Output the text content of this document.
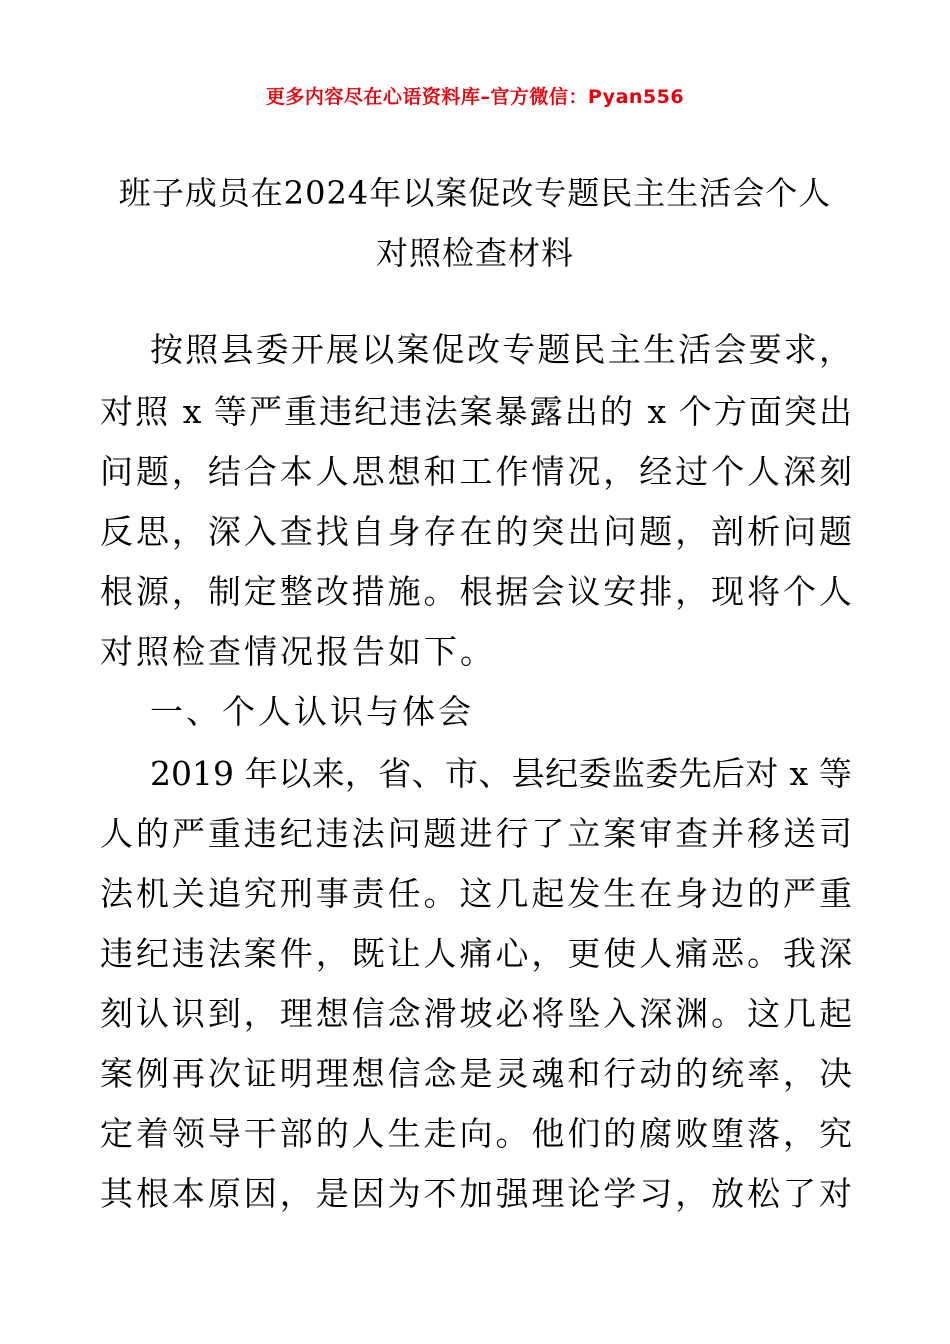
更多内容尽在心语资料库–官方微信：Pyan556
班子成员在2024年以案促改专题民主生活会个人
对照检查材料
按照县委开展以案促改专题民主生活会要求，
对照 x 等严重违纪违法案暴露出的 x 个方面突出
问题，结合本人思想和工作情况，经过个人深刻
反思，深入查找自身存在的突出问题，剖析问题
根源，制定整改措施。根据会议安排，现将个人
对照检查情况报告如下。
一、个人认识与体会
2019 年以来，省、市、县纪委监委先后对 x 等
人的严重违纪违法问题进行了立案审查并移送司
法机关追究刑事责任。这几起发生在身边的严重
违纪违法案件，既让人痛心，更使人痛恶。我深
刻认识到，理想信念滑坡必将坠入深渊。这几起
案例再次证明理想信念是灵魂和行动的统率，决
定着领导干部的人生走向。他们的腐败堕落，究
其根本原因，是因为不加强理论学习，放松了对
